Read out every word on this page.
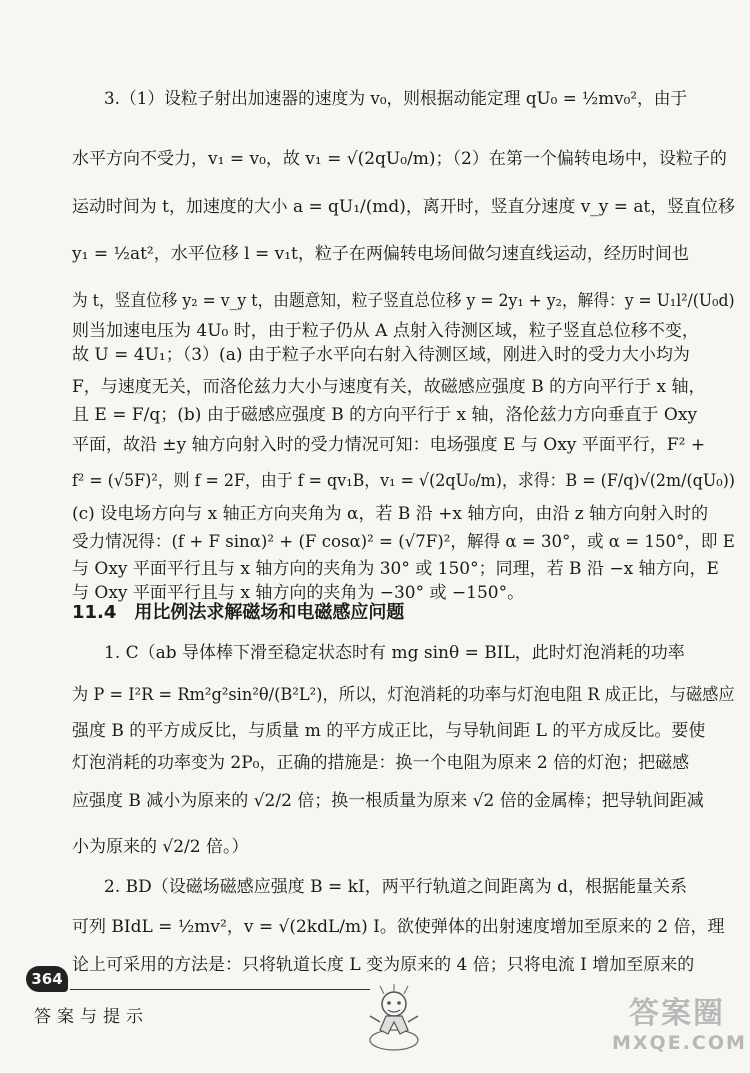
3.（1）设粒子射出加速器的速度为 v₀，则根据动能定理 qU₀ = ½mv₀²，由于
水平方向不受力，v₁ = v₀，故 v₁ = √(2qU₀/m)；（2）在第一个偏转电场中，设粒子的
运动时间为 t，加速度的大小 a = qU₁/(md)，离开时，竖直分速度 v_y = at，竖直位移
y₁ = ½at²，水平位移 l = v₁t，粒子在两偏转电场间做匀速直线运动，经历时间也
为 t，竖直位移 y₂ = v_y t，由题意知，粒子竖直总位移 y = 2y₁ + y₂，解得：y = U₁l²/(U₀d)
则当加速电压为 4U₀ 时，由于粒子仍从 A 点射入待测区域，粒子竖直总位移不变，
故 U = 4U₁；（3）(a) 由于粒子水平向右射入待测区域，刚进入时的受力大小均为
F，与速度无关，而洛伦兹力大小与速度有关，故磁感应强度 B 的方向平行于 x 轴，
且 E = F/q；(b) 由于磁感应强度 B 的方向平行于 x 轴，洛伦兹力方向垂直于 Oxy
平面，故沿 ±y 轴方向射入时的受力情况可知：电场强度 E 与 Oxy 平面平行，F² +
f² = (√5F)²，则 f = 2F，由于 f = qv₁B，v₁ = √(2qU₀/m)，求得：B = (F/q)√(2m/(qU₀))
(c) 设电场方向与 x 轴正方向夹角为 α，若 B 沿 +x 轴方向，由沿 z 轴方向射入时的
受力情况得：(f + F sinα)² + (F cosα)² = (√7F)²，解得 α = 30°，或 α = 150°，即 E
与 Oxy 平面平行且与 x 轴方向的夹角为 30° 或 150°；同理，若 B 沿 −x 轴方向，E
与 Oxy 平面平行且与 x 轴方向的夹角为 −30° 或 −150°。
11.4　用比例法求解磁场和电磁感应问题
1. C（ab 导体棒下滑至稳定状态时有 mg sinθ = BIL，此时灯泡消耗的功率
为 P = I²R = Rm²g²sin²θ/(B²L²)，所以，灯泡消耗的功率与灯泡电阻 R 成正比，与磁感应
强度 B 的平方成反比，与质量 m 的平方成正比，与导轨间距 L 的平方成反比。要使
灯泡消耗的功率变为 2P₀，正确的措施是：换一个电阻为原来 2 倍的灯泡；把磁感
应强度 B 减小为原来的 √2/2 倍；换一根质量为原来 √2 倍的金属棒；把导轨间距减
小为原来的 √2/2 倍。）
2. BD（设磁场磁感应强度 B = kI，两平行轨道之间距离为 d，根据能量关系
可列 BIdL = ½mv²，v = √(2kdL/m) I。欲使弹体的出射速度增加至原来的 2 倍，理
论上可采用的方法是：只将轨道长度 L 变为原来的 4 倍；只将电流 I 增加至原来的
364
答案与提示	答案圈
MXQE.COM
